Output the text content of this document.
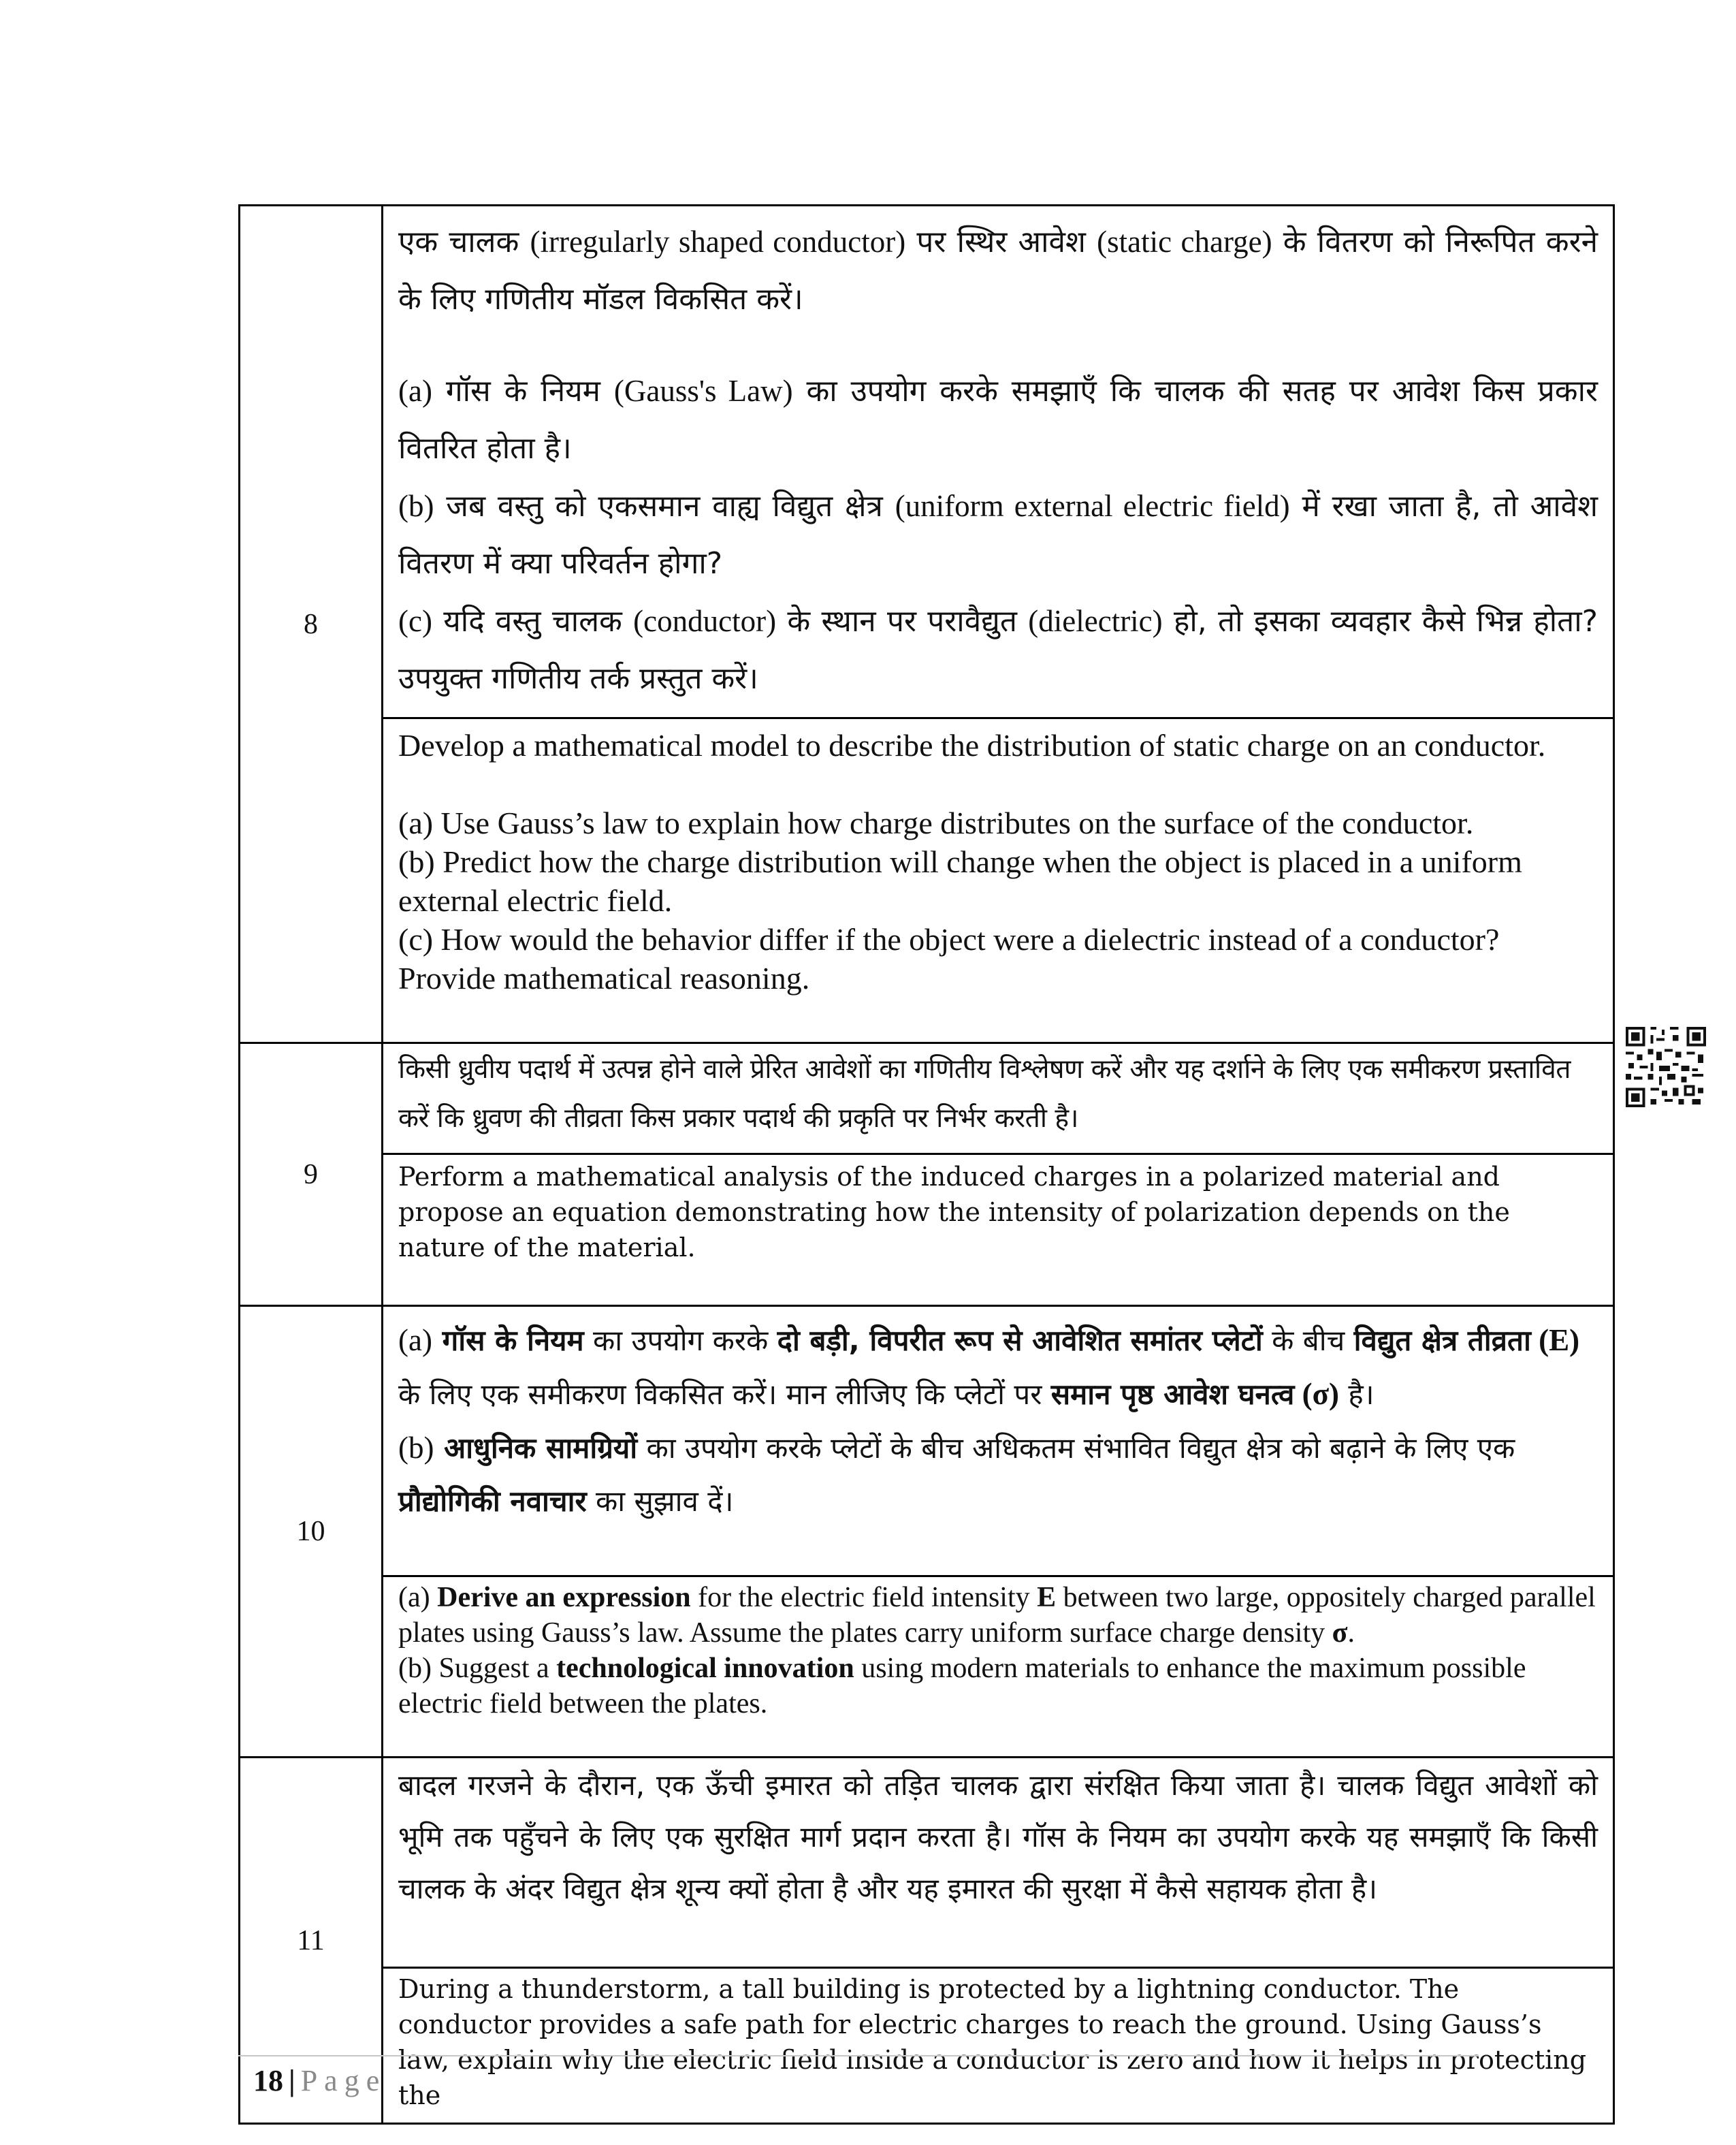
8	एक चालक (irregularly shaped conductor) पर स्थिर आवेश (static charge) के वितरण को निरूपित करने के लिए गणितीय मॉडल विकसित करें।

(a) गॉस के नियम (Gauss's Law) का उपयोग करके समझाएँ कि चालक की सतह पर आवेश किस प्रकार वितरित होता है।

(b) जब वस्तु को एकसमान वाह्य विद्युत क्षेत्र (uniform external electric field) में रखा जाता है, तो आवेश वितरण में क्या परिवर्तन होगा?

(c) यदि वस्तु चालक (conductor) के स्थान पर परावैद्युत (dielectric) हो, तो इसका व्यवहार कैसे भिन्न होता? उपयुक्त गणितीय तर्क प्रस्तुत करें।

	Develop a mathematical model to describe the distribution of static charge on an conductor.

(a) Use Gauss’s law to explain how charge distributes on the surface of the conductor.

(b) Predict how the charge distribution will change when the object is placed in a uniform external electric field.

(c) How would the behavior differ if the object were a dielectric instead of a conductor? Provide mathematical reasoning.

9	किसी ध्रुवीय पदार्थ में उत्पन्न होने वाले प्रेरित आवेशों का गणितीय विश्लेषण करें और यह दर्शाने के लिए एक समीकरण प्रस्तावित करें कि ध्रुवण की तीव्रता किस प्रकार पदार्थ की प्रकृति पर निर्भर करती है।

	Perform a mathematical analysis of the induced charges in a polarized material and propose an equation demonstrating how the intensity of polarization depends on the nature of the material.

10	(a) गॉस के नियम का उपयोग करके दो बड़ी, विपरीत रूप से आवेशित समांतर प्लेटों के बीच विद्युत क्षेत्र तीव्रता (E) के लिए एक समीकरण विकसित करें। मान लीजिए कि प्लेटों पर समान पृष्ठ आवेश घनत्व (σ) है।

(b) आधुनिक सामग्रियों का उपयोग करके प्लेटों के बीच अधिकतम संभावित विद्युत क्षेत्र को बढ़ाने के लिए एक प्रौद्योगिकी नवाचार का सुझाव दें।

	(a) Derive an expression for the electric field intensity E between two large, oppositely charged parallel plates using Gauss’s law. Assume the plates carry uniform surface charge density σ.

(b) Suggest a technological innovation using modern materials to enhance the maximum possible electric field between the plates.

11	बादल गरजने के दौरान, एक ऊँची इमारत को तड़ित चालक द्वारा संरक्षित किया जाता है। चालक विद्युत आवेशों को भूमि तक पहुँचने के लिए एक सुरक्षित मार्ग प्रदान करता है। गॉस के नियम का उपयोग करके यह समझाएँ कि किसी चालक के अंदर विद्युत क्षेत्र शून्य क्यों होता है और यह इमारत की सुरक्षा में कैसे सहायक होता है।

	During a thunderstorm, a tall building is protected by a lightning conductor. The conductor provides a safe path for electric charges to reach the ground. Using Gauss’s law, explain why the electric field inside a conductor is zero and how it helps in protecting the

18 | Page
